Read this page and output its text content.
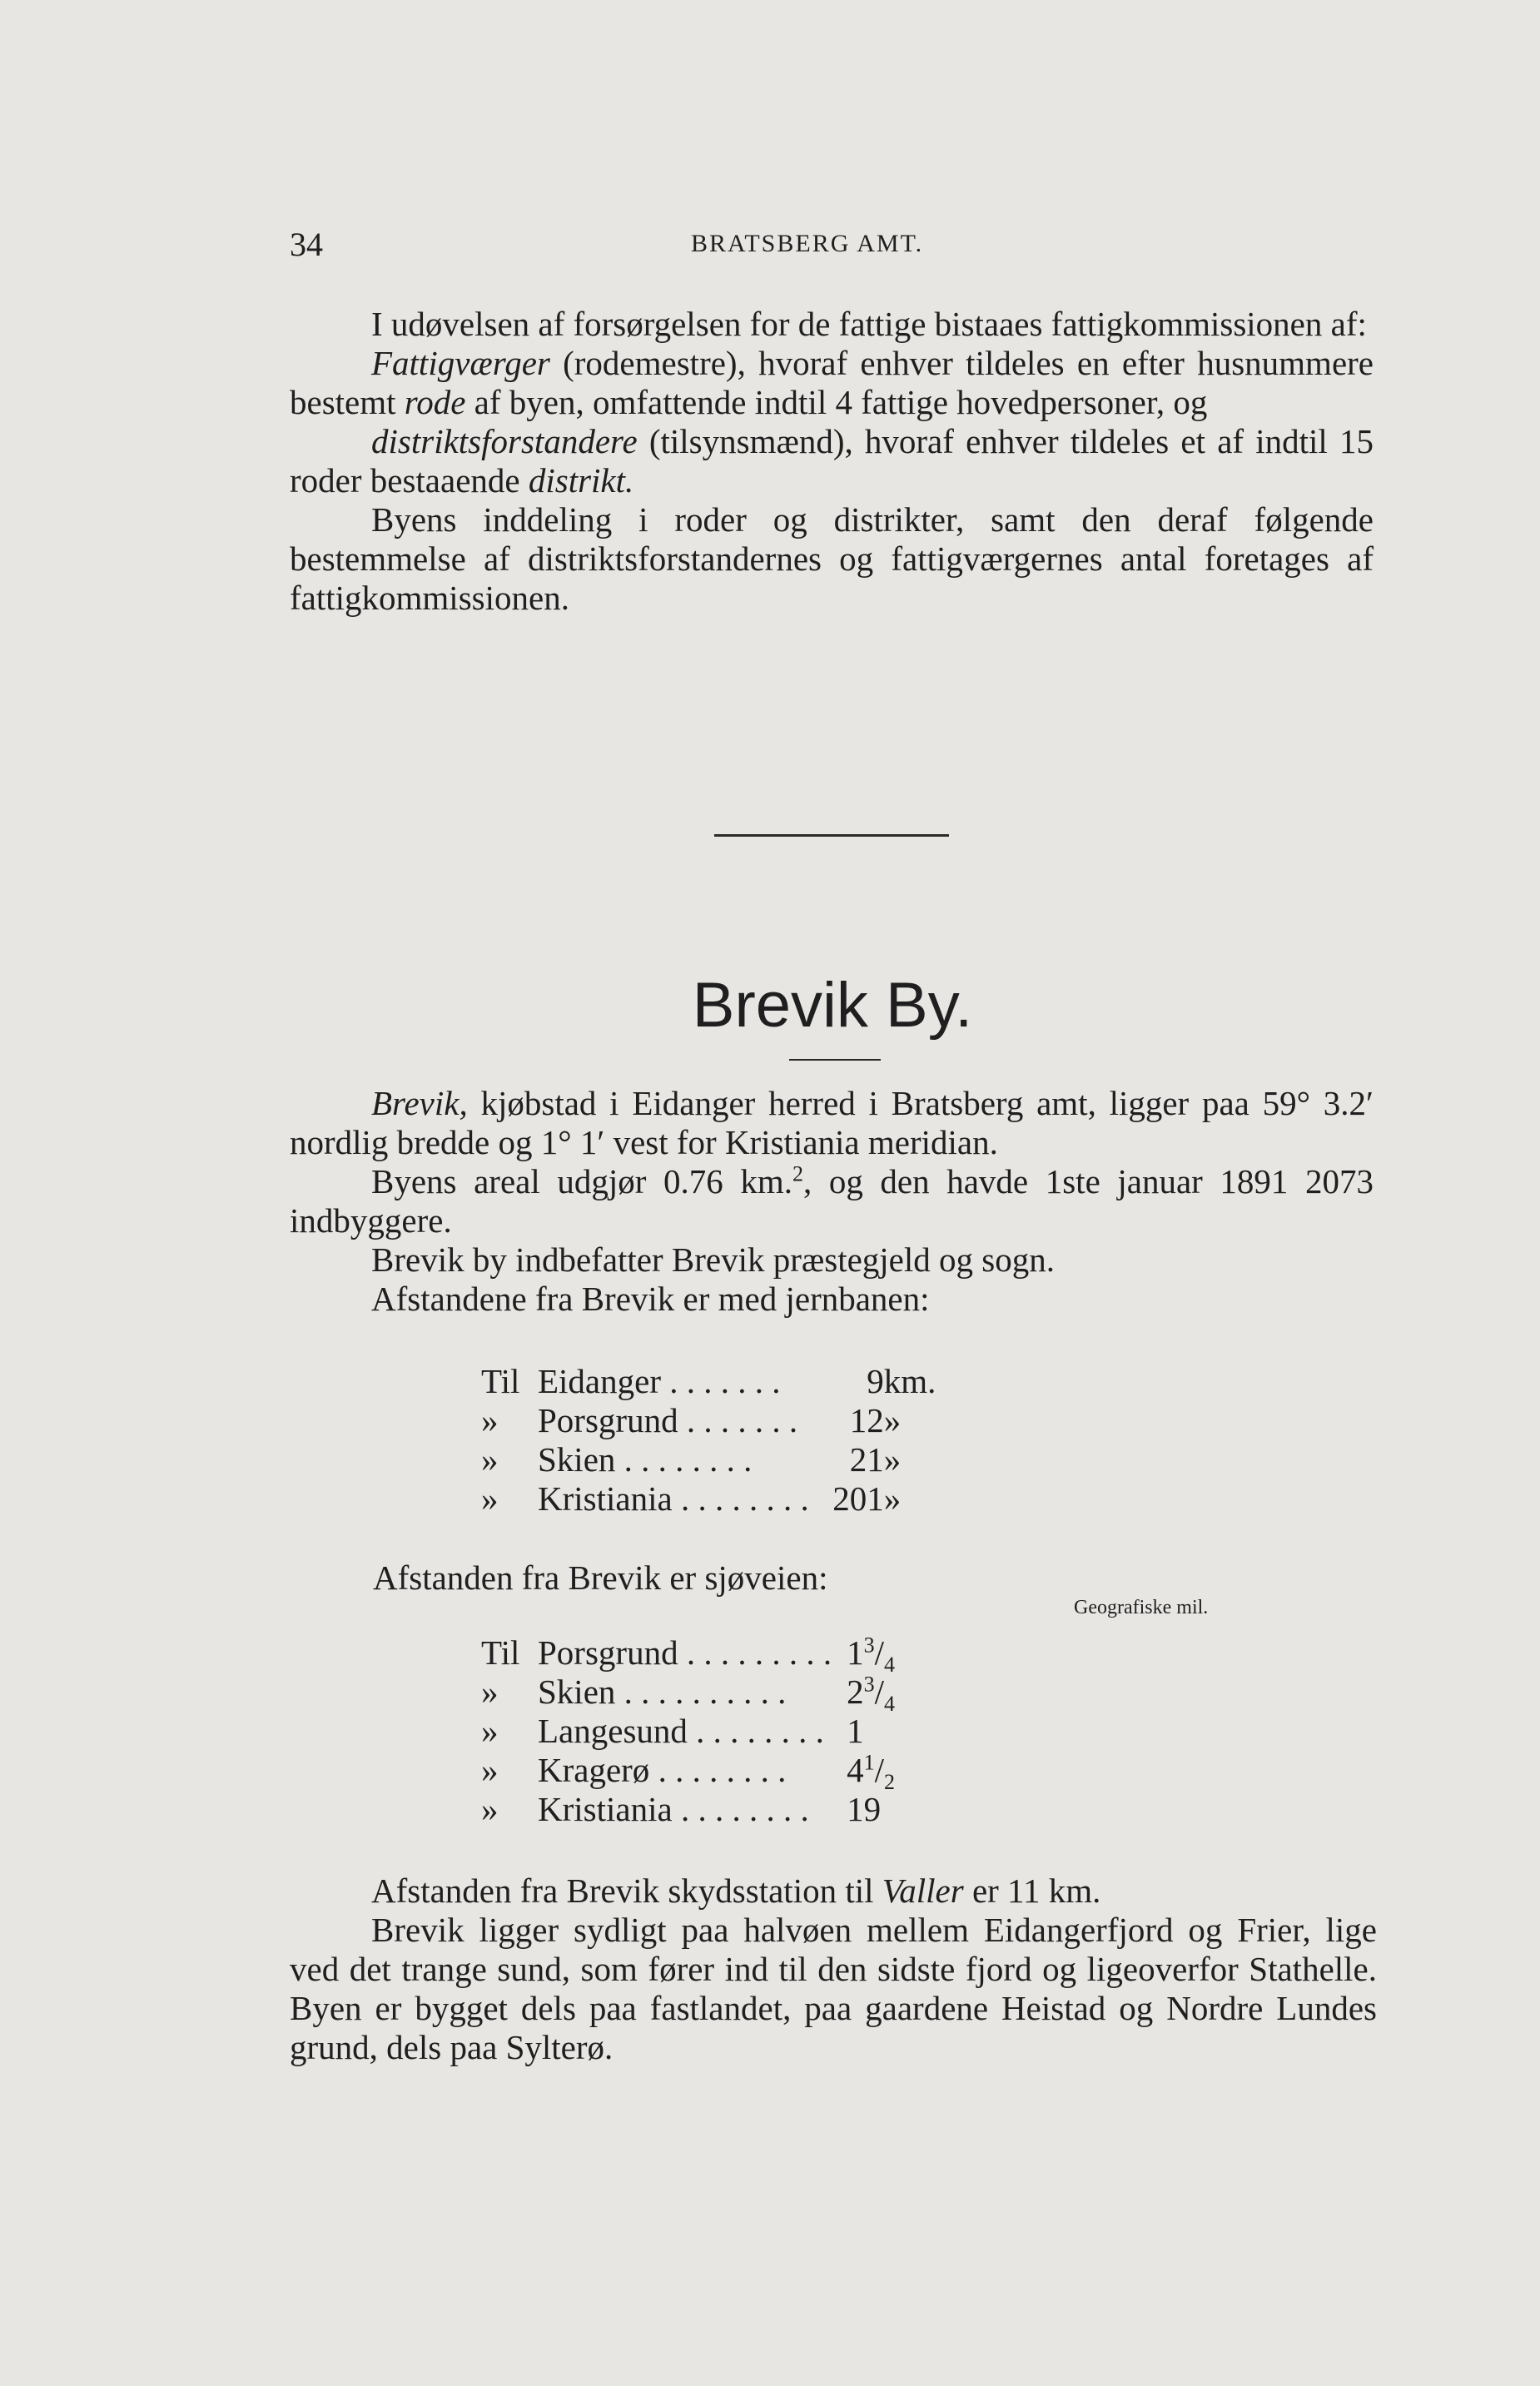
34	BRATSBERG AMT.

I udøvelsen af forsørgelsen for de fattige bistaaes fattigkommissionen af:

Fattigværger (rodemestre), hvoraf enhver tildeles en efter husnummere bestemt rode af byen, omfattende indtil 4 fattige hovedpersoner, og

distriktsforstandere (tilsynsmænd), hvoraf enhver tildeles et af indtil 15 roder bestaaende distrikt.

Byens inddeling i roder og distrikter, samt den deraf følgende bestemmelse af distriktsforstandernes og fattigværgernes antal foretages af fattigkommissionen.

Brevik By.

Brevik, kjøbstad i Eidanger herred i Bratsberg amt, ligger paa 59° 3.2′ nordlig bredde og 1° 1′ vest for Kristiania meridian.

Byens areal udgjør 0.76 km.$^2$, og den havde 1ste januar 1891 2073 indbyggere.

Brevik by indbefatter Brevik præstegjeld og sogn.

Afstandene fra Brevik er med jernbanen:

Til	Eidanger . . . . . . .	9	km.
»	Porsgrund . . . . . . .	12	»
»	Skien . . . . . . . .	21	»
»	Kristiania . . . . . . . .	201	»
Afstanden fra Brevik er sjøveien:
Geografiske mil.
Til	Porsgrund . . . . . . . . .	$1^3/_4$
»	Skien . . . . . . . . . .	$2^3/_4$
»	Langesund . . . . . . . .	1
»	Kragerø . . . . . . . .	$4^1/_2$
»	Kristiania . . . . . . . .	19

Afstanden fra Brevik skydsstation til Valler er 11 km.

Brevik ligger sydligt paa halvøen mellem Eidangerfjord og Frier, lige ved det trange sund, som fører ind til den sidste fjord og ligeoverfor Stathelle. Byen er bygget dels paa fastlandet, paa gaardene Heistad og Nordre Lundes grund, dels paa Sylterø.
